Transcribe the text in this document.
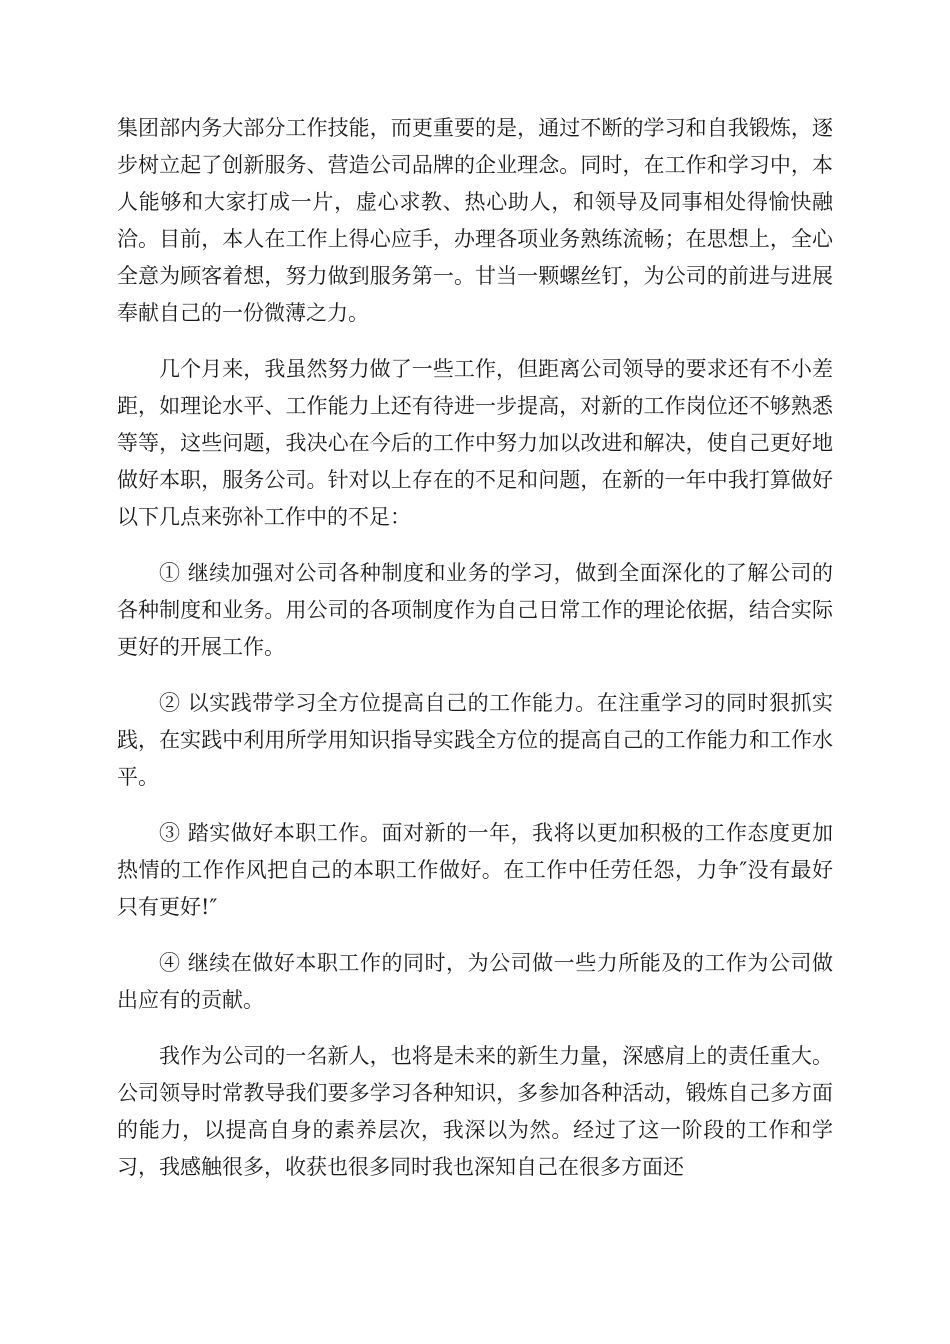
集团部内务大部分工作技能，而更重要的是，通过不断的学习和自我锻炼，逐步树立起了创新服务、营造公司品牌的企业理念。同时，在工作和学习中，本人能够和大家打成一片，虚心求教、热心助人，和领导及同事相处得愉快融洽。目前，本人在工作上得心应手，办理各项业务熟练流畅；在思想上，全心全意为顾客着想，努力做到服务第一。甘当一颗螺丝钉，为公司的前进与进展奉献自己的一份微薄之力。

几个月来，我虽然努力做了一些工作，但距离公司领导的要求还有不小差距，如理论水平、工作能力上还有待进一步提高，对新的工作岗位还不够熟悉等等，这些问题，我决心在今后的工作中努力加以改进和解决，使自己更好地做好本职，服务公司。针对以上存在的不足和问题，在新的一年中我打算做好以下几点来弥补工作中的不足：

① 继续加强对公司各种制度和业务的学习，做到全面深化的了解公司的各种制度和业务。用公司的各项制度作为自己日常工作的理论依据，结合实际更好的开展工作。

② 以实践带学习全方位提高自己的工作能力。在注重学习的同时狠抓实践，在实践中利用所学用知识指导实践全方位的提高自己的工作能力和工作水平。

③ 踏实做好本职工作。面对新的一年，我将以更加积极的工作态度更加热情的工作作风把自己的本职工作做好。在工作中任劳任怨，力争″没有最好只有更好!″

④ 继续在做好本职工作的同时，为公司做一些力所能及的工作为公司做出应有的贡献。

我作为公司的一名新人，也将是未来的新生力量，深感肩上的责任重大。公司领导时常教导我们要多学习各种知识，多参加各种活动，锻炼自己多方面的能力，以提高自身的素养层次，我深以为然。经过了这一阶段的工作和学习，我感触很多，收获也很多同时我也深知自己在很多方面还
